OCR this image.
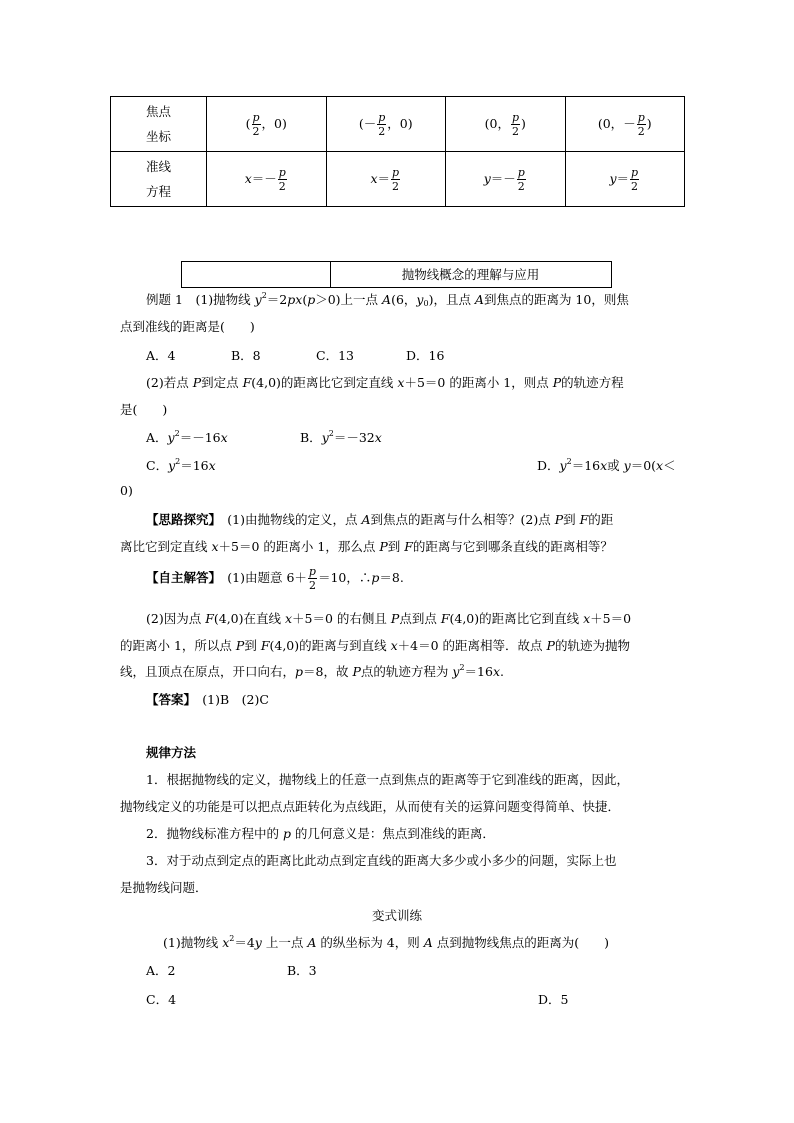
焦点
坐标	( $\frac{p}{2}$ ，0)	(－ $\frac{p}{2}$ ，0)	(0， $\frac{p}{2}$ )	(0，－ $\frac{p}{2}$ )
准线
方程	$x=- \frac{p}{2}$	$x= \frac{p}{2}$	$y=- \frac{p}{2}$	$y= \frac{p}{2}$
抛物线概念的理解与应用
例题 1　 (1)抛物线 $y^2=2px(p>0)$上一点 A(6，$y_0$)，且点 A到焦点的距离为 10，则焦
点到准线的距离是(　　)
A．4	B．8	C．13	D．16
(2)若点 P到定点 F(4,0)的距离比它到定直线 x＋5＝0 的距离小 1，则点 P的轨迹方程
是(　　)
A．$y^2=-16x$	B．$y^2=-32x$
C．$y^2=16x$	D．$y^2=16x$或 y＝0(x＜
0)
【思路探究】　 (1)由抛物线的定义，点 A到焦点的距离与什么相等？(2)点 P到 F的距
离比它到定直线 x＋5＝0 的距离小 1，那么点 P到 F的距离与它到哪条直线的距离相等？
【自主解答】　 (1)由题意 $6+ \frac{p}{2} =10$，∴p＝8.
(2)因为点 F(4,0)在直线 x＋5＝0 的右侧且 P点到点 F(4,0)的距离比它到直线 x＋5＝0
的距离小 1，所以点 P到 F(4,0)的距离与到直线 x＋4＝0 的距离相等．故点 P的轨迹为抛物
线，且顶点在原点，开口向右，p＝8，故 P点的轨迹方程为 $y^2=16x$.
【答案】　 (1)B　(2)C
规律方法
1．根据抛物线的定义，抛物线上的任意一点到焦点的距离等于它到准线的距离，因此，
抛物线定义的功能是可以把点点距转化为点线距，从而使有关的运算问题变得简单、快捷．
2．抛物线标准方程中的 p 的几何意义是：焦点到准线的距离．
3．对于动点到定点的距离比此动点到定直线的距离大多少或小多少的问题，实际上也
是抛物线问题．
变式训练
(1)抛物线 $x^2=4y$ 上一点 A 的纵坐标为 4，则 A 点到抛物线焦点的距离为(　　)
A．2	B．3
C．4	D．5
